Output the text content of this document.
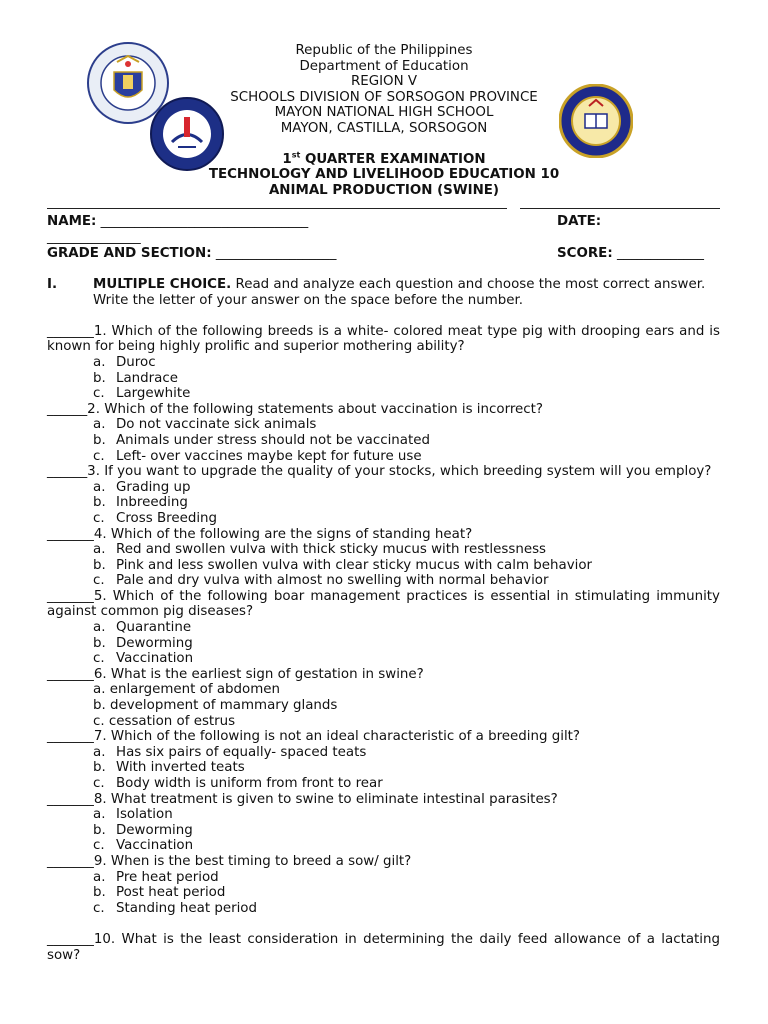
Republic of the Philippines
Department of Education
REGION V
SCHOOLS DIVISION OF SORSOGON PROVINCE
MAYON NATIONAL HIGH SCHOOL
MAYON, CASTILLA, SORSOGON
1st QUARTER EXAMINATION
TECHNOLOGY AND LIVELIHOOD EDUCATION 10
ANIMAL PRODUCTION (SWINE)
NAME: _______________________________	DATE:
______________
GRADE AND SECTION: __________________	SCORE: _____________
I.	MULTIPLE CHOICE. Read and analyze each question and choose the most correct answer. Write the letter of your answer on the space before the number.
_______1. Which of the following breeds is a white- colored meat type pig with drooping ears and is known for being highly prolific and superior mothering ability?
a. Duroc
b. Landrace
c. Largewhite
______2. Which of the following statements about vaccination is incorrect?
a. Do not vaccinate sick animals
b. Animals under stress should not be vaccinated
c. Left- over vaccines maybe kept for future use
______3. If you want to upgrade the quality of your stocks, which breeding system will you employ?
a. Grading up
b. Inbreeding
c. Cross Breeding
_______4. Which of the following are the signs of standing heat?
a. Red and swollen vulva with thick sticky mucus with restlessness
b. Pink and less swollen vulva with clear sticky mucus with calm behavior
c. Pale and dry vulva with almost no swelling with normal behavior
_______5. Which of the following boar management practices is essential in stimulating immunity against common pig diseases?
a. Quarantine
b. Deworming
c. Vaccination
_______6. What is the earliest sign of gestation in swine?
a. enlargement of abdomen
b. development of mammary glands
c. cessation of estrus
_______7. Which of the following is not an ideal characteristic of a breeding gilt?
a. Has six pairs of equally- spaced teats
b. With inverted teats
c. Body width is uniform from front to rear
_______8. What treatment is given to swine to eliminate intestinal parasites?
a. Isolation
b. Deworming
c. Vaccination
_______9. When is the best timing to breed a sow/ gilt?
a. Pre heat period
b. Post heat period
c. Standing heat period
_______10. What is the least consideration in determining the daily feed allowance of a lactating sow?
